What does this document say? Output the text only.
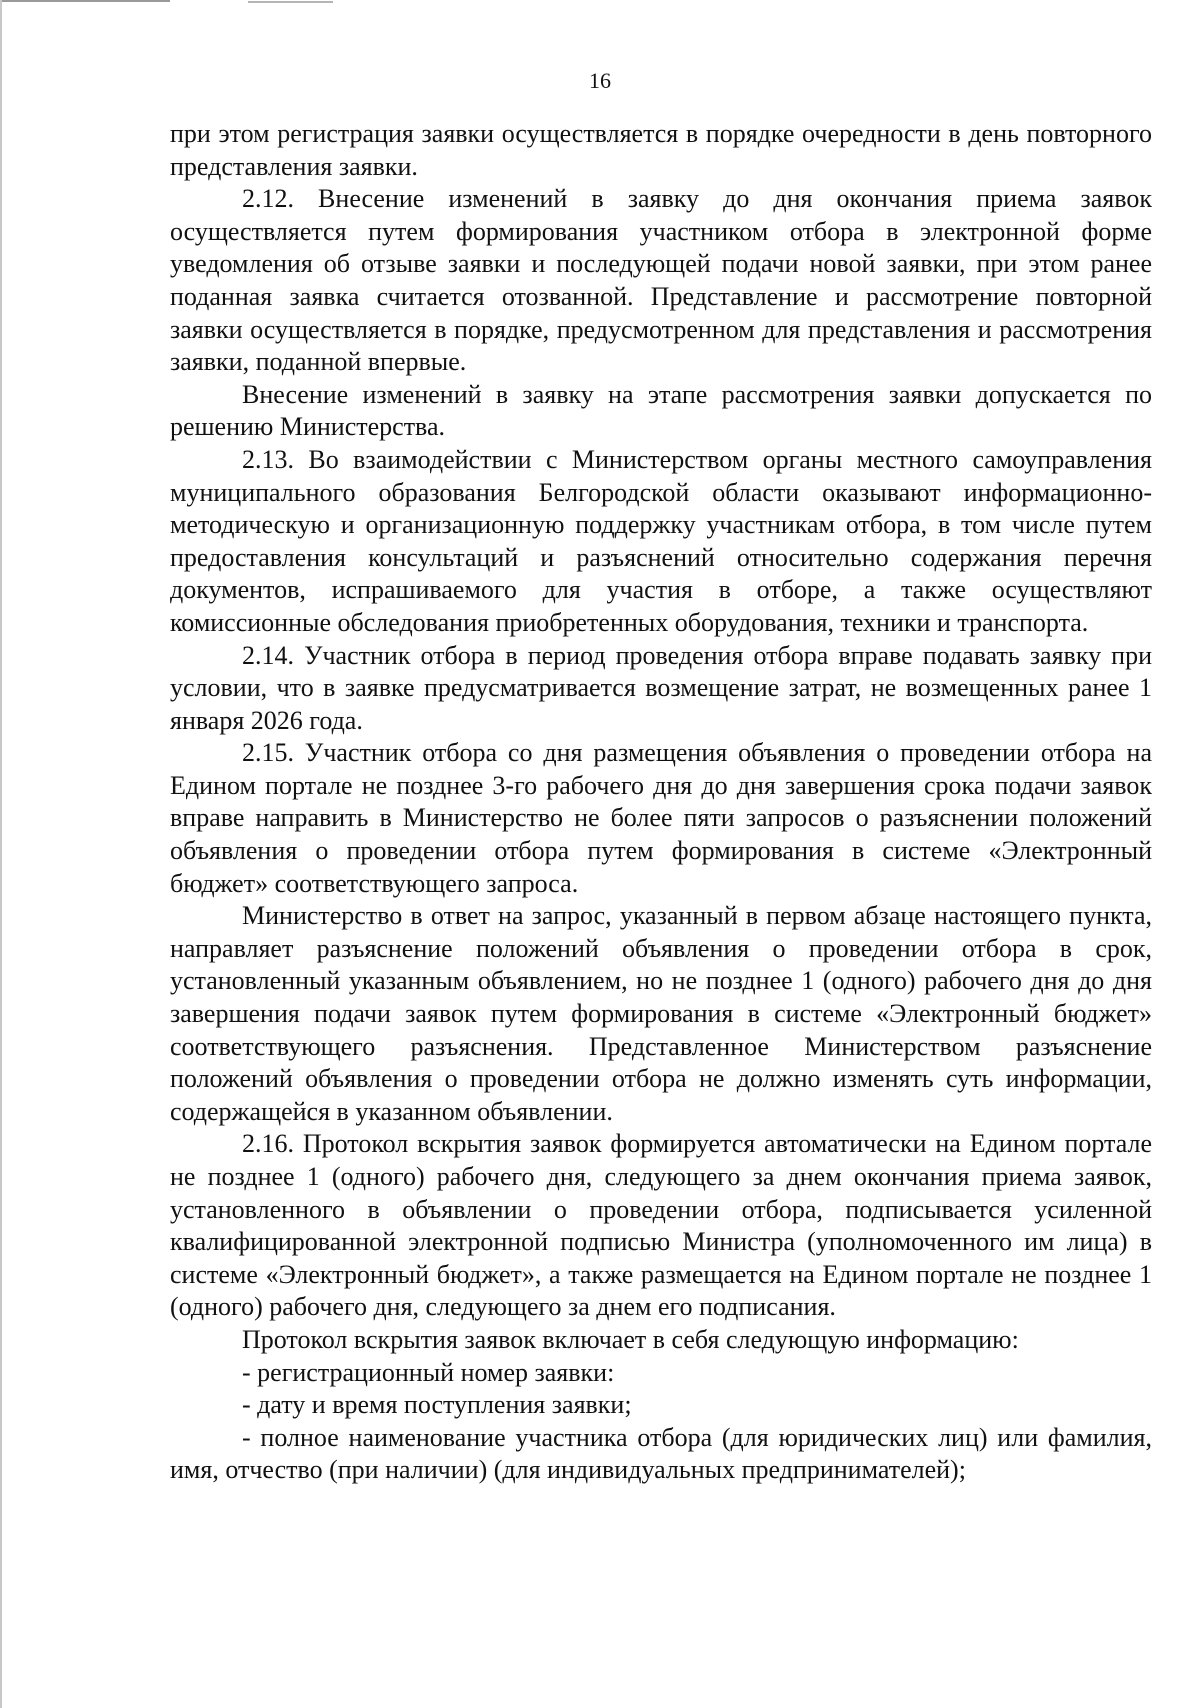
16

при этом регистрация заявки осуществляется в порядке очередности в день повторного представления заявки.

2.12. Внесение изменений в заявку до дня окончания приема заявок осуществляется путем формирования участником отбора в электронной форме уведомления об отзыве заявки и последующей подачи новой заявки, при этом ранее поданная заявка считается отозванной. Представление и рассмотрение повторной заявки осуществляется в порядке, предусмотренном для представления и рассмотрения заявки, поданной впервые.

Внесение изменений в заявку на этапе рассмотрения заявки допускается по решению Министерства.

2.13. Во взаимодействии с Министерством органы местного самоуправления муниципального образования Белгородской области оказывают информационно-методическую и организационную поддержку участникам отбора, в том числе путем предоставления консультаций и разъяснений относительно содержания перечня документов, испрашиваемого для участия в отборе, а также осуществляют комиссионные обследования приобретенных оборудования, техники и транспорта.

2.14. Участник отбора в период проведения отбора вправе подавать заявку при условии, что в заявке предусматривается возмещение затрат, не возмещенных ранее 1 января 2026 года.

2.15. Участник отбора со дня размещения объявления о проведении отбора на Едином портале не позднее 3-го рабочего дня до дня завершения срока подачи заявок вправе направить в Министерство не более пяти запросов о разъяснении положений объявления о проведении отбора путем формирования в системе «Электронный бюджет» соответствующего запроса.

Министерство в ответ на запрос, указанный в первом абзаце настоящего пункта, направляет разъяснение положений объявления о проведении отбора в срок, установленный указанным объявлением, но не позднее 1 (одного) рабочего дня до дня завершения подачи заявок путем формирования в системе «Электронный бюджет» соответствующего разъяснения. Представленное Министерством разъяснение положений объявления о проведении отбора не должно изменять суть информации, содержащейся в указанном объявлении.

2.16. Протокол вскрытия заявок формируется автоматически на Едином портале не позднее 1 (одного) рабочего дня, следующего за днем окончания приема заявок, установленного в объявлении о проведении отбора, подписывается усиленной квалифицированной электронной подписью Министра (уполномоченного им лица) в системе «Электронный бюджет», а также размещается на Едином портале не позднее 1 (одного) рабочего дня, следующего за днем его подписания.

Протокол вскрытия заявок включает в себя следующую информацию:

- регистрационный номер заявки:

- дату и время поступления заявки;

- полное наименование участника отбора (для юридических лиц) или фамилия, имя, отчество (при наличии) (для индивидуальных предпринимателей);
